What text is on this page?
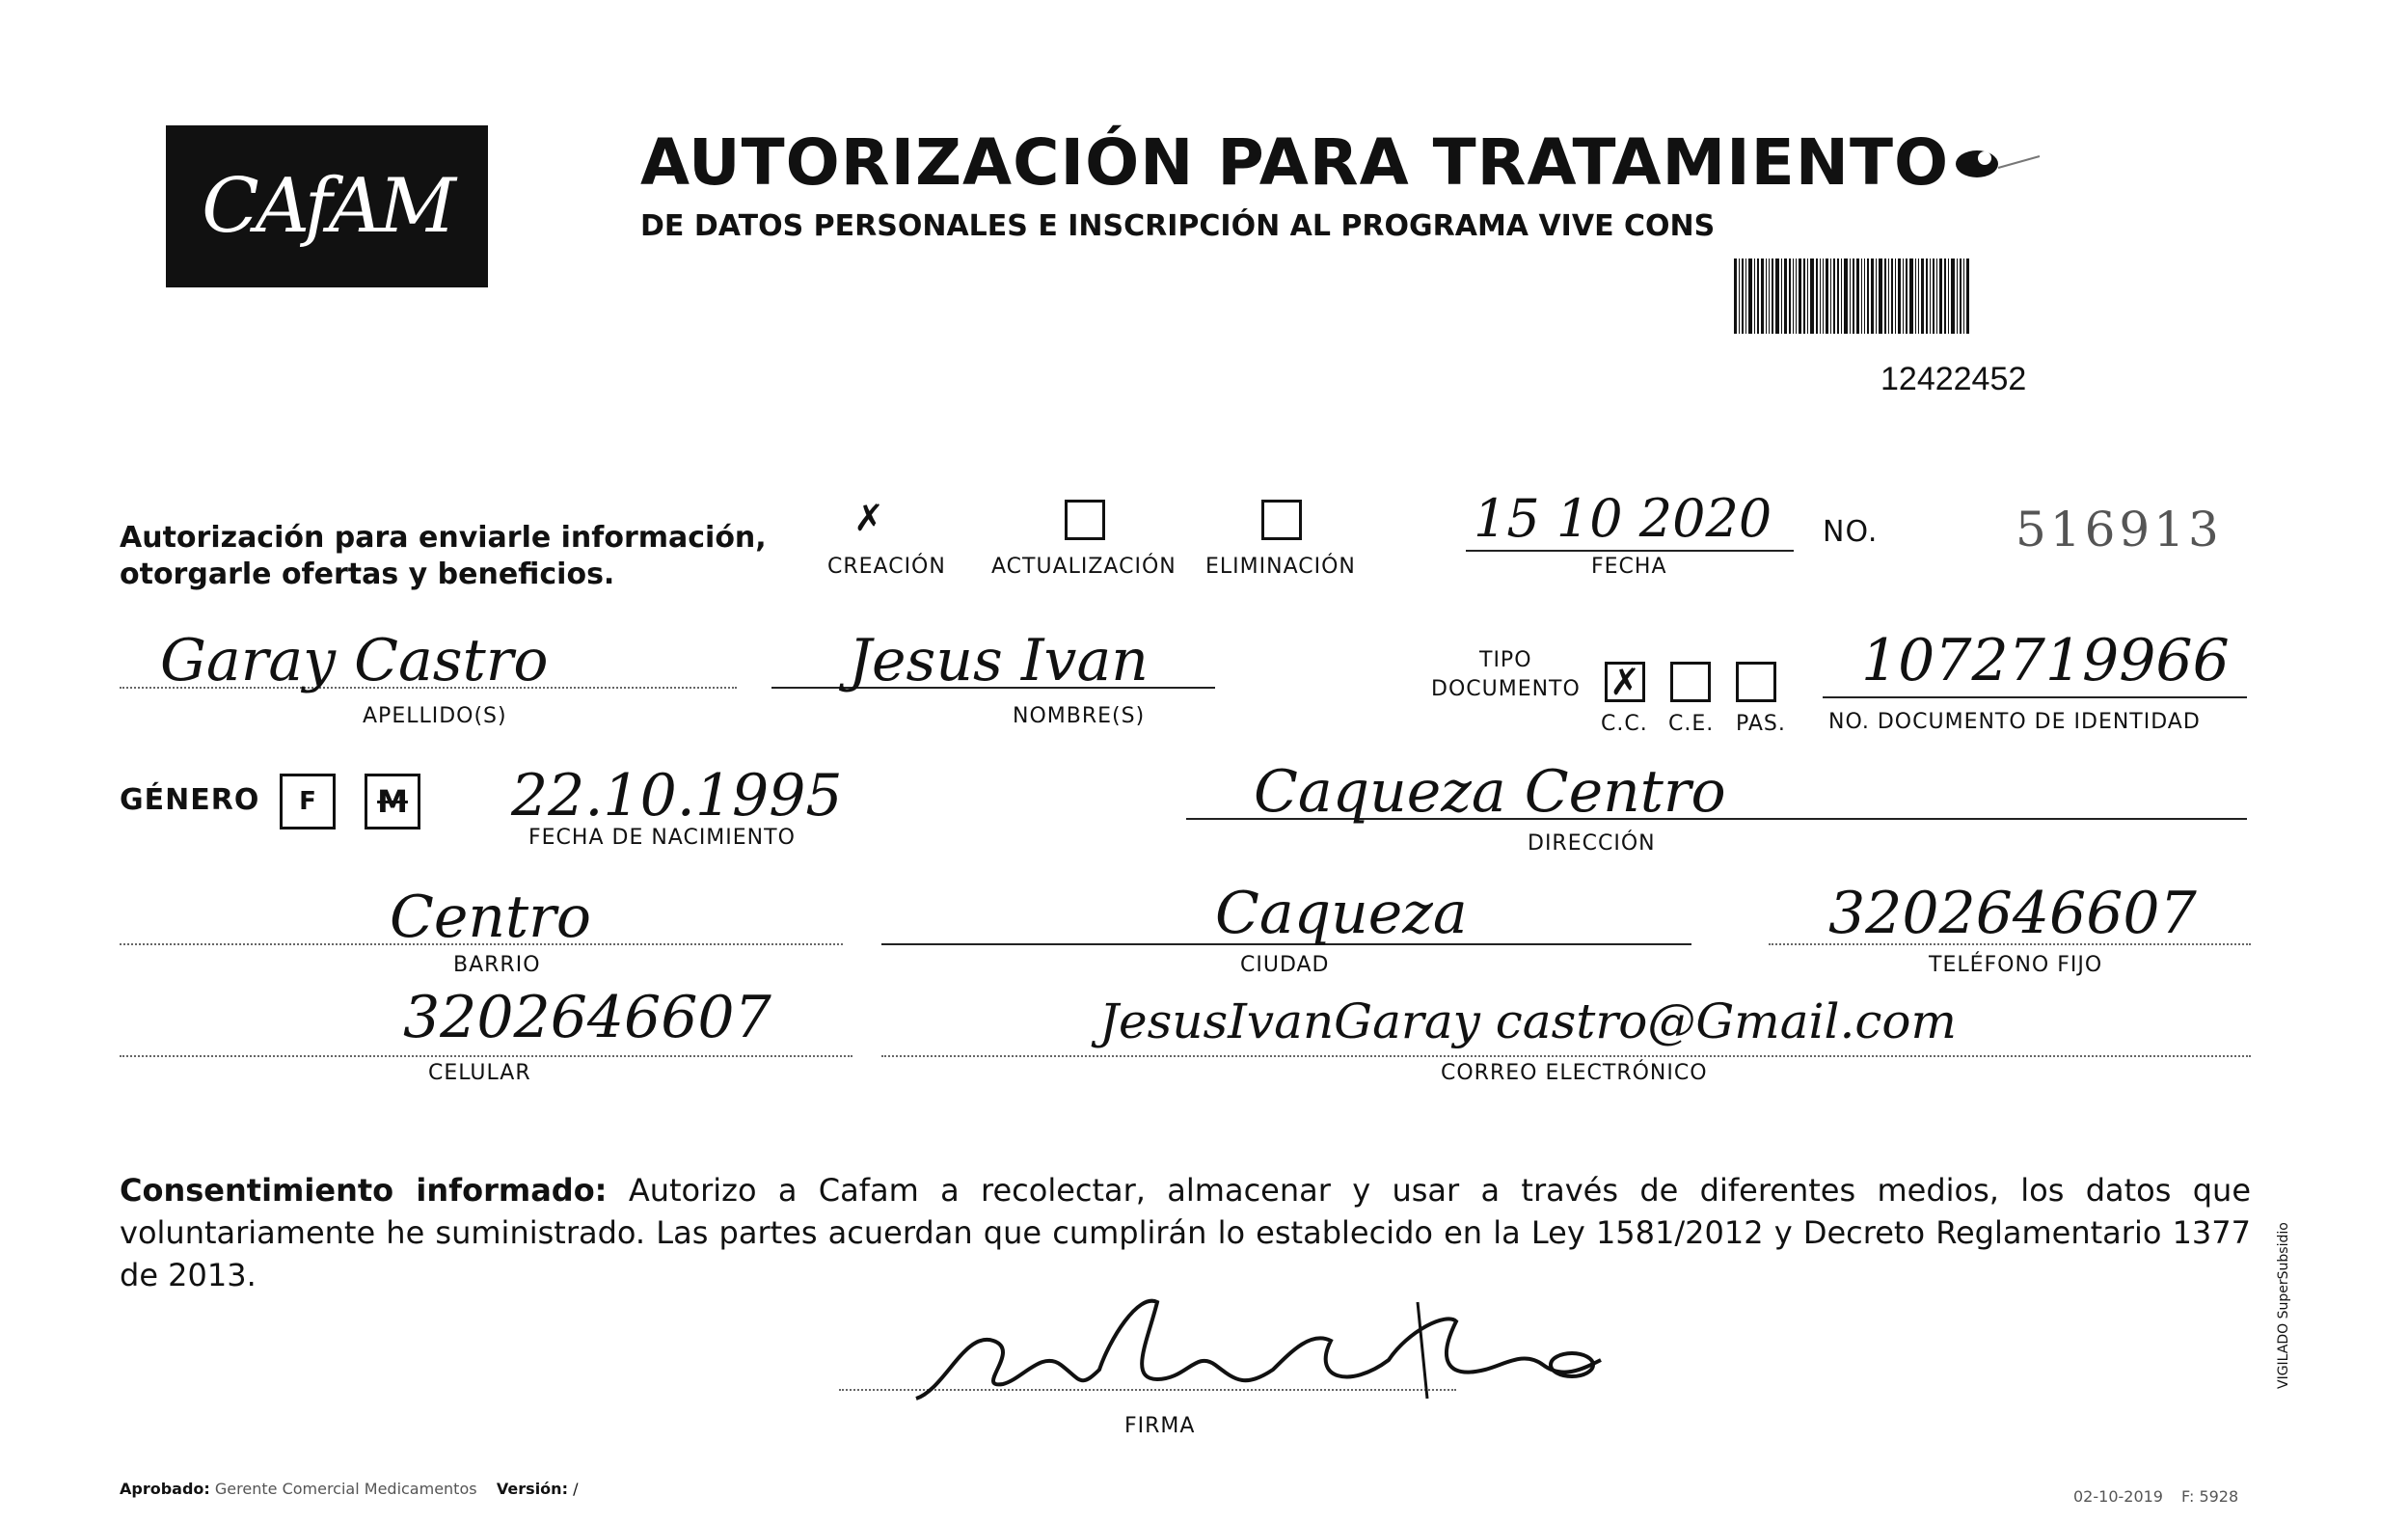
CAfAM
AUTORIZACIÓN PARA TRATAMIENTO
DE DATOS PERSONALES E INSCRIPCIÓN AL PROGRAMA VIVE CONS
12422452
Autorización para enviarle información,
otorgarle ofertas y beneficios.
✗
CREACIÓN ACTUALIZACIÓN ELIMINACIÓN
15 10 2020
FECHA
NO.	516913
Garay Castro
APELLIDO(S)
Jesus Ivan
NOMBRE(S)
TIPO
DOCUMENTO ✗
C.C. C.E. PAS.
1072719966
NO. DOCUMENTO DE IDENTIDAD
GÉNERO F M 22.10.1995
FECHA DE NACIMIENTO
Caqueza Centro
DIRECCIÓN
Centro
BARRIO
Caqueza
CIUDAD
3202646607
TELÉFONO FIJO
3202646607
CELULAR
JesusIvanGaray castro@Gmail.com
CORREO ELECTRÓNICO
Consentimiento informado: Autorizo a Cafam a recolectar, almacenar y usar a través de diferentes medios, los datos que voluntariamente he suministrado. Las partes acuerdan que cumplirán lo establecido en la Ley 1581/2012 y Decreto Reglamentario 1377 de 2013.
FIRMA
Aprobado: Gerente Comercial Medicamentos Versión: /	02-10-2019 F: 5928
VIGILADO SuperSubsidio
